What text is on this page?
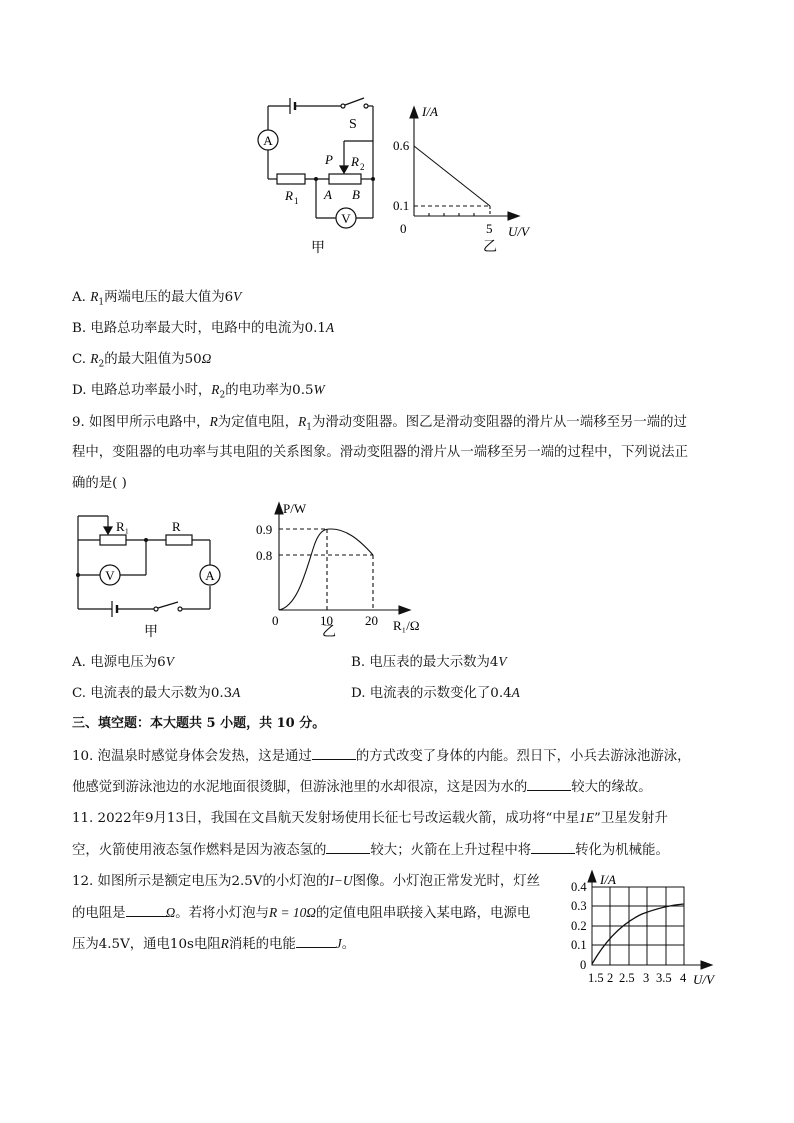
A
V
S
P R 2
R 1 A B
甲
I/A
0.6
0.1
0	5 U/V
乙
A. $R_1$两端电压的最大值为6V
B. 电路总功率最大时，电路中的电流为0.1A
C. $R_2$的最大阻值为50Ω
D. 电路总功率最小时，$R_2$的电功率为0.5W
9. 如图甲所示电路中，R为定值电阻，$R_1$为滑动变阻器。图乙是滑动变阻器的滑片从一端移至另一端的过
程中，变阻器的电功率与其电阻的关系图象。滑动变阻器的滑片从一端移至另一端的过程中，下列说法正
确的是( )
R₁	R
V	A
甲
P/W
0.9
0.8
0	10 20 R₁/Ω
乙
A. 电源电压为6V	B. 电压表的最大示数为4V
C. 电流表的最大示数为0.3A	D. 电流表的示数变化了0.4A
三、填空题：本大题共 5 小题，共 10 分。
10. 泡温泉时感觉身体会发热，这是通过	的方式改变了身体的内能。烈日下，小兵去游泳池游泳，
他感觉到游泳池边的水泥地面很烫脚，但游泳池里的水却很凉，这是因为水的	较大的缘故。
11. 2022年9月13日，我国在文昌航天发射场使用长征七号改运载火箭，成功将“中星1E”卫星发射升
空，火箭使用液态氢作燃料是因为液态氢的	较大；火箭在上升过程中将	转化为机械能。
12. 如图所示是额定电压为2.5V的小灯泡的I−U图像。小灯泡正常发光时，灯丝
的电阻是	Ω。若将小灯泡与R = 10Ω的定值电阻串联接入某电路，电源电
压为4.5V，通电10s电阻R消耗的电能	J。
I/A
0.4
0.3
0.2
0.1
0
1.5 2 2.5 3 3.5 4 U/V
